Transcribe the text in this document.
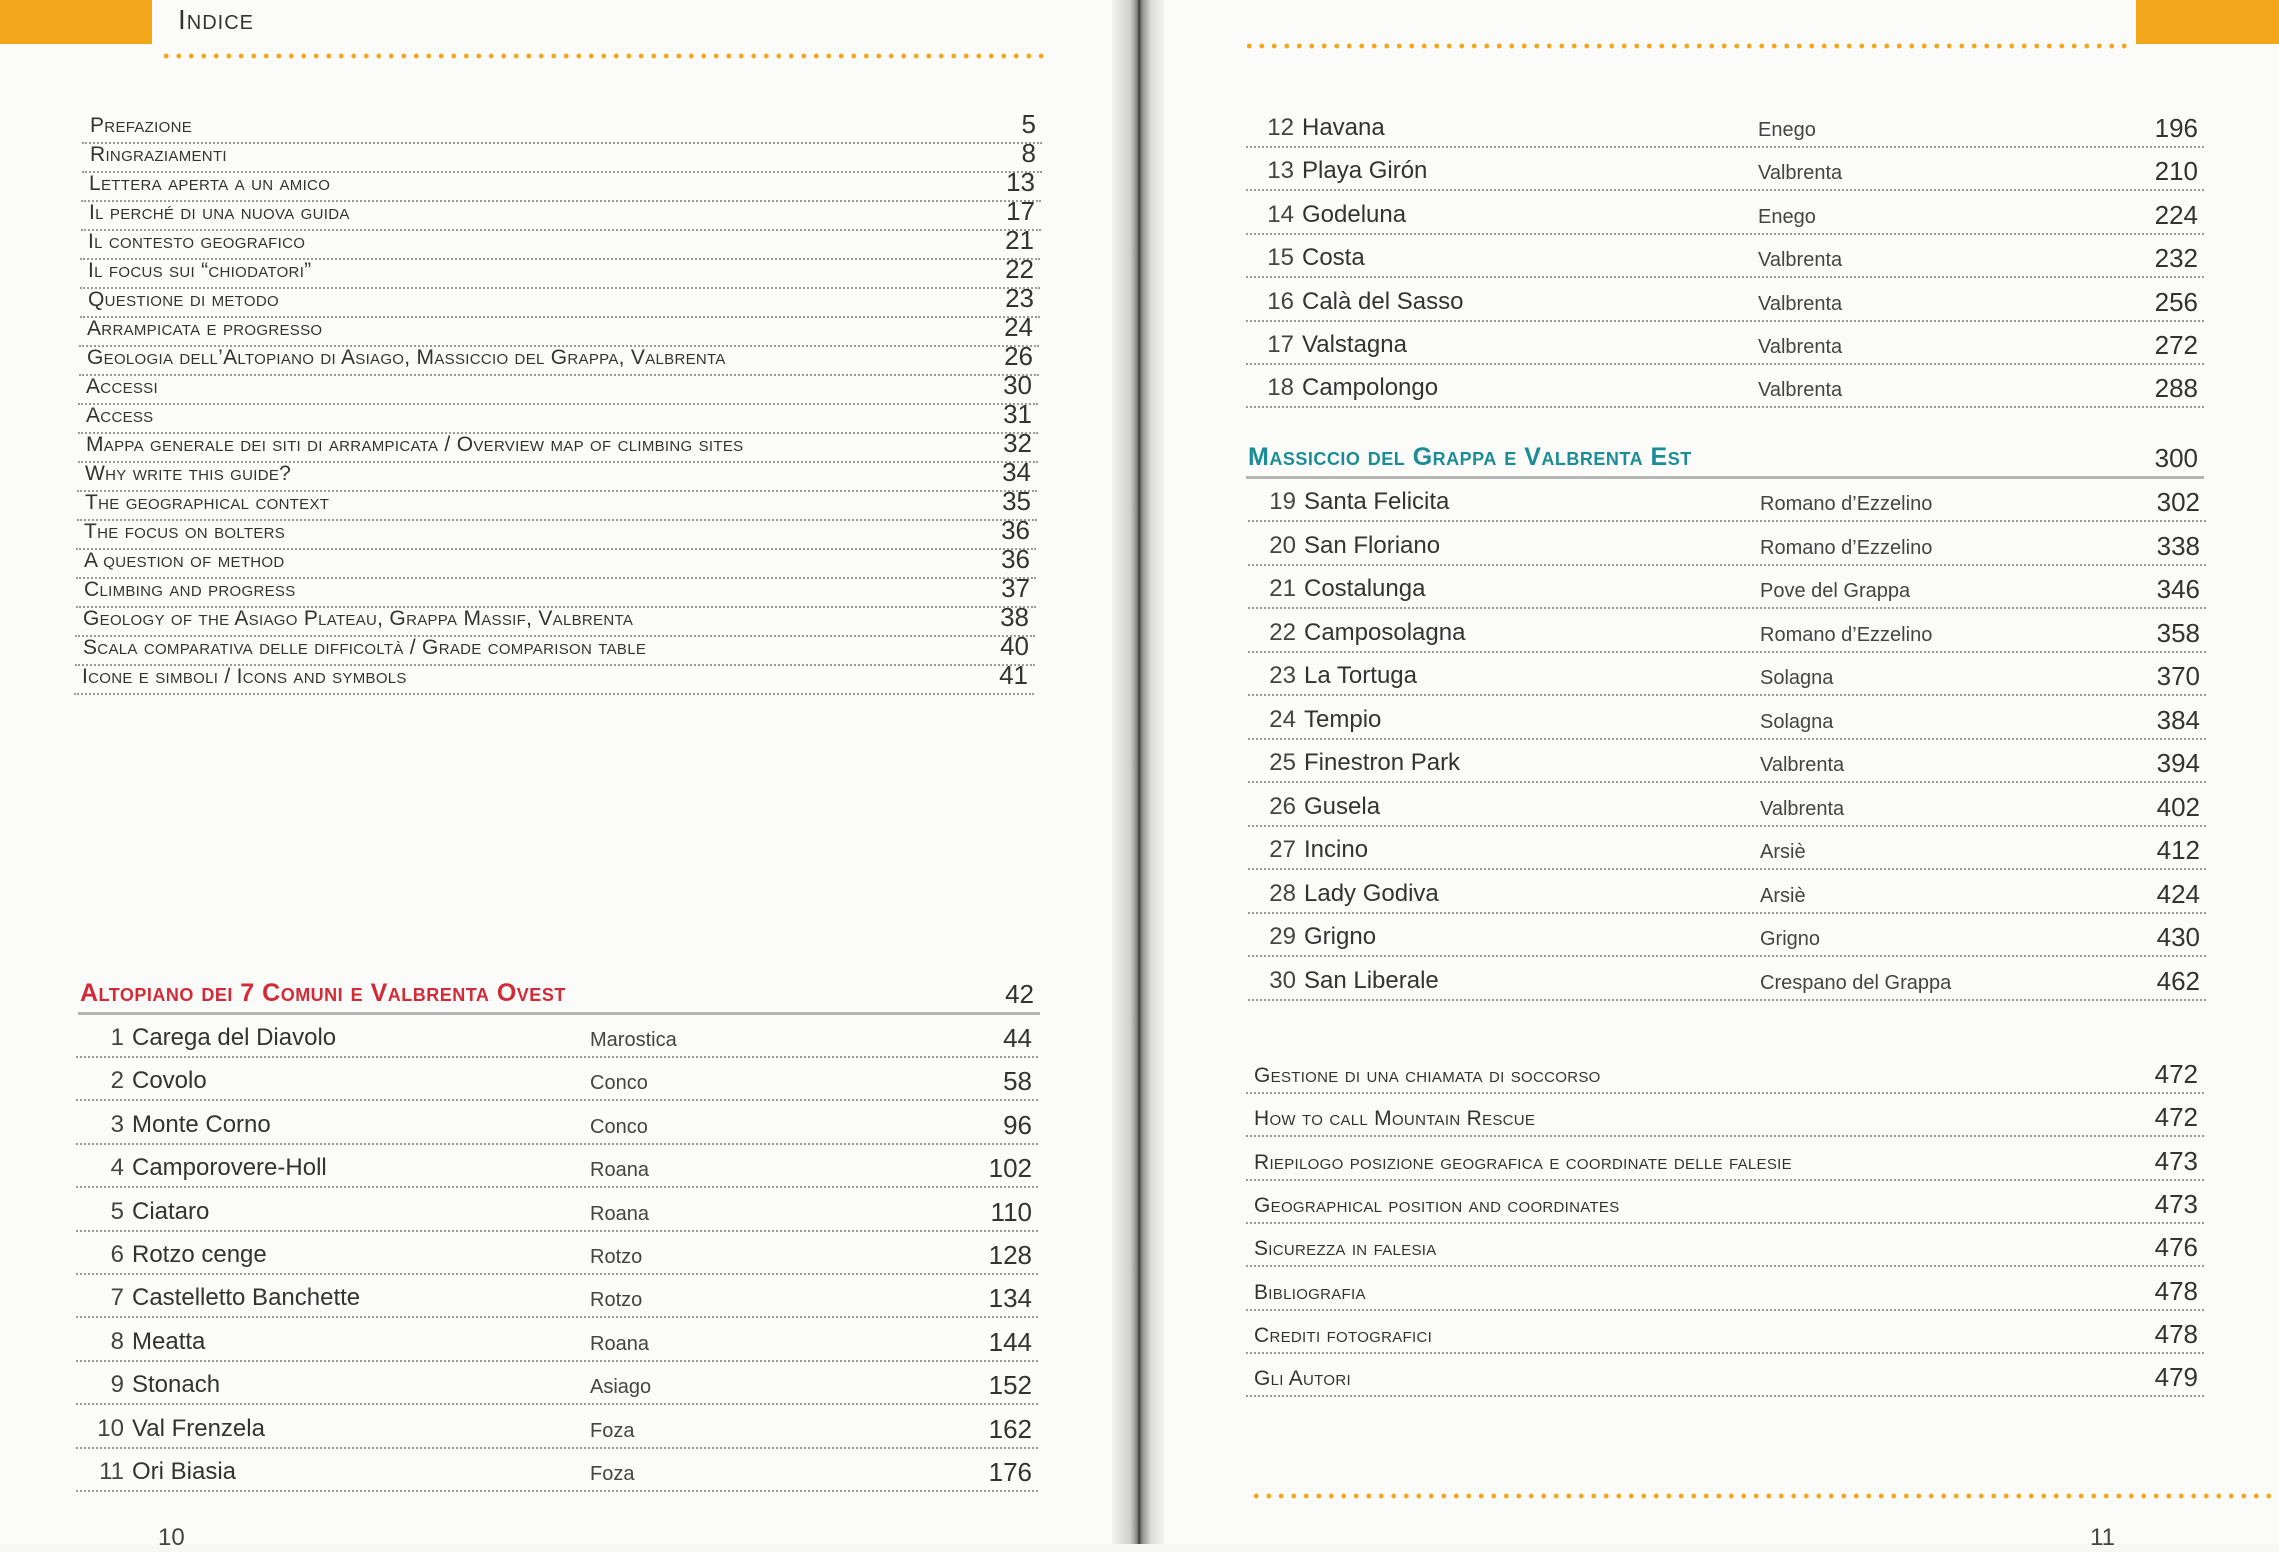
Indice
10	11
Prefazione	5
Ringraziamenti	8
Lettera aperta a un amico	13
Il perché di una nuova guida	17
Il contesto geografico	21
Il focus sui “chiodatori”	22
Questione di metodo	23
Arrampicata e progresso	24
Geologia dell’Altopiano di Asiago, Massiccio del Grappa, Valbrenta	26
Accessi	30
Access	31
Mappa generale dei siti di arrampicata / Overview map of climbing sites	32
Why write this guide?	34
The geographical context	35
The focus on bolters	36
A question of method	36
Climbing and progress	37
Geology of the Asiago Plateau, Grappa Massif, Valbrenta	38
Scala comparativa delle difficoltà / Grade comparison table	40
Icone e simboli / Icons and symbols	41
Altopiano dei 7 Comuni e Valbrenta Ovest	42
1 Carega del Diavolo	Marostica	44
2 Covolo	Conco	58
3 Monte Corno	Conco	96
4 Camporovere-Holl	Roana	102
5 Ciataro	Roana	110
6 Rotzo cenge	Rotzo	128
7 Castelletto Banchette	Rotzo	134
8 Meatta	Roana	144
9 Stonach	Asiago	152
10 Val Frenzela	Foza	162
11 Ori Biasia	Foza	176
12 Havana	Enego	196
13 Playa Girón	Valbrenta	210
14 Godeluna	Enego	224
15 Costa	Valbrenta	232
16 Calà del Sasso	Valbrenta	256
17 Valstagna	Valbrenta	272
18 Campolongo	Valbrenta	288
Massiccio del Grappa e Valbrenta Est	300
19 Santa Felicita	Romano d’Ezzelino	302
20 San Floriano	Romano d’Ezzelino	338
21 Costalunga	Pove del Grappa	346
22 Camposolagna	Romano d’Ezzelino	358
23 La Tortuga	Solagna	370
24 Tempio	Solagna	384
25 Finestron Park	Valbrenta	394
26 Gusela	Valbrenta	402
27 Incino	Arsiè	412
28 Lady Godiva	Arsiè	424
29 Grigno	Grigno	430
30 San Liberale	Crespano del Grappa	462
Gestione di una chiamata di soccorso	472
How to call Mountain Rescue	472
Riepilogo posizione geografica e coordinate delle falesie	473
Geographical position and coordinates	473
Sicurezza in falesia	476
Bibliografia	478
Crediti fotografici	478
Gli Autori	479
